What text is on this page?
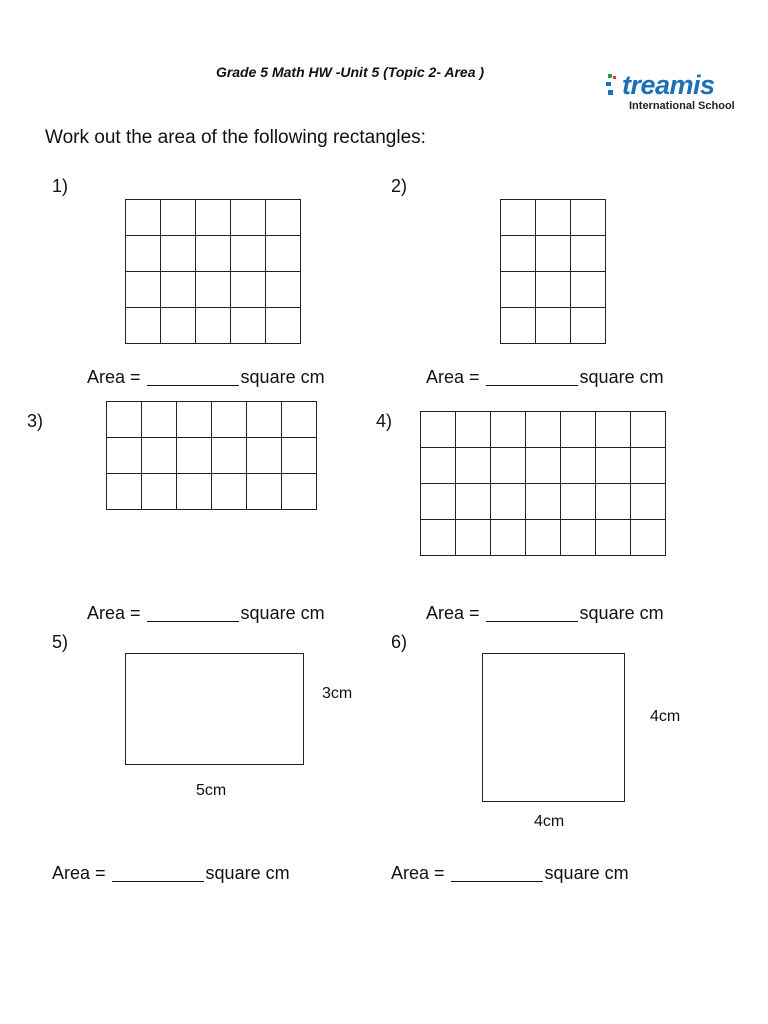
Grade 5 Math HW -Unit 5 (Topic 2- Area )	treamis
International School
Work out the area of the following rectangles:
1)

Area =	square cm
2)

Area =	square cm
3)

Area =	square cm
4)

Area =	square cm
5)
3cm
5cm
Area =	square cm
6)
4cm
4cm
Area =	square cm
